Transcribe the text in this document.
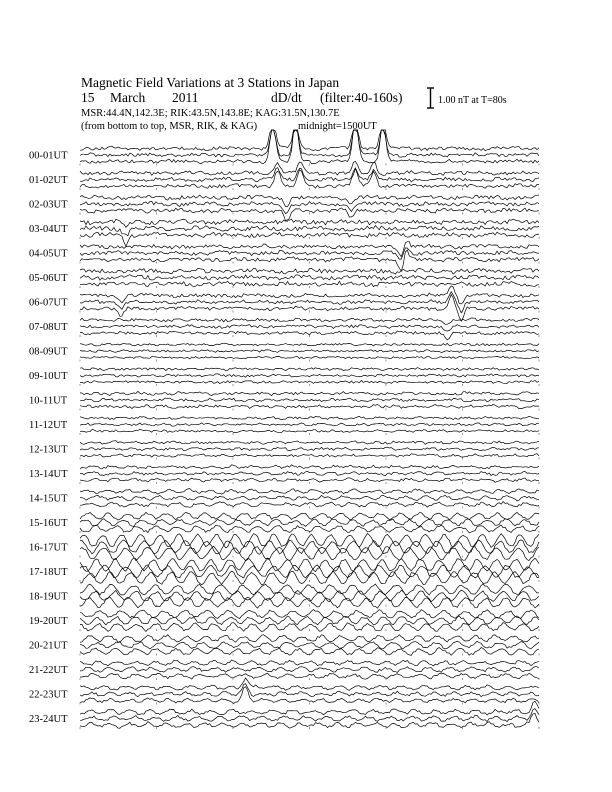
Magnetic Field Variations at 3 Stations in Japan
15 March 2011	dD/dt (filter:40-160s)
MSR:44.4N,142.3E; RIK:43.5N,143.8E; KAG:31.5N,130.7E
(from bottom to top, MSR, RIK, & KAG)	midnight=1500UT
1.00 nT at T=80s
00-01UT
01-02UT
02-03UT
03-04UT
04-05UT
05-06UT
06-07UT
07-08UT
08-09UT
09-10UT
10-11UT
11-12UT
12-13UT
13-14UT
14-15UT
15-16UT
16-17UT
17-18UT
18-19UT
19-20UT
20-21UT
21-22UT
22-23UT
23-24UT
